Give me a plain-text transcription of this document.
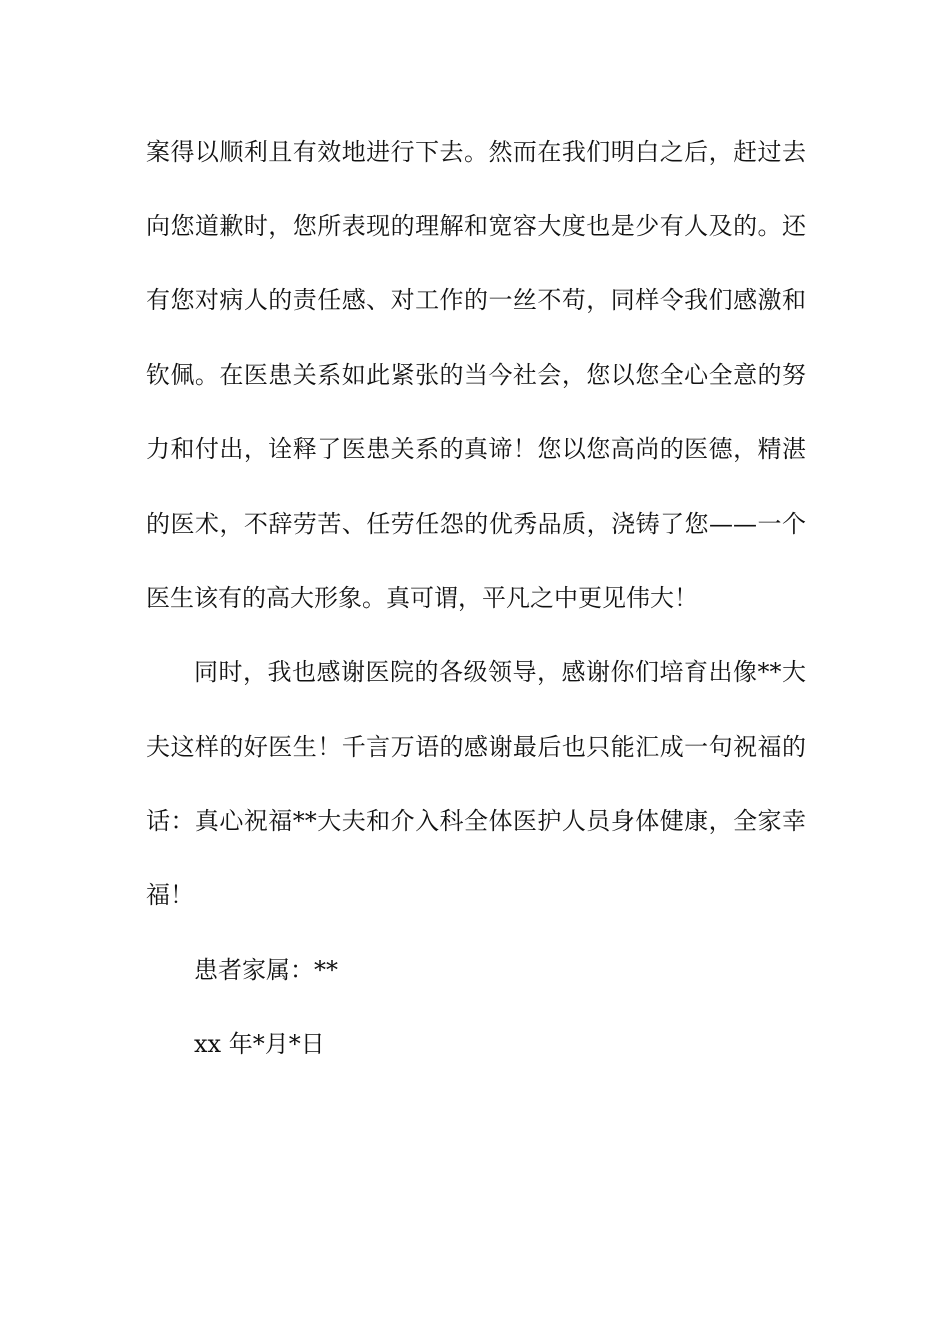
案得以顺利且有效地进行下去。然而在我们明白之后，赶过去
向您道歉时，您所表现的理解和宽容大度也是少有人及的。还
有您对病人的责任感、对工作的一丝不苟，同样令我们感激和
钦佩。在医患关系如此紧张的当今社会，您以您全心全意的努
力和付出，诠释了医患关系的真谛！您以您高尚的医德，精湛
的医术，不辞劳苦、任劳任怨的优秀品质，浇铸了您——一个
医生该有的高大形象。真可谓，平凡之中更见伟大！
同时，我也感谢医院的各级领导，感谢你们培育出像**大
夫这样的好医生！千言万语的感谢最后也只能汇成一句祝福的
话：真心祝福**大夫和介入科全体医护人员身体健康，全家幸
福！
患者家属：**
xx 年*月*日
